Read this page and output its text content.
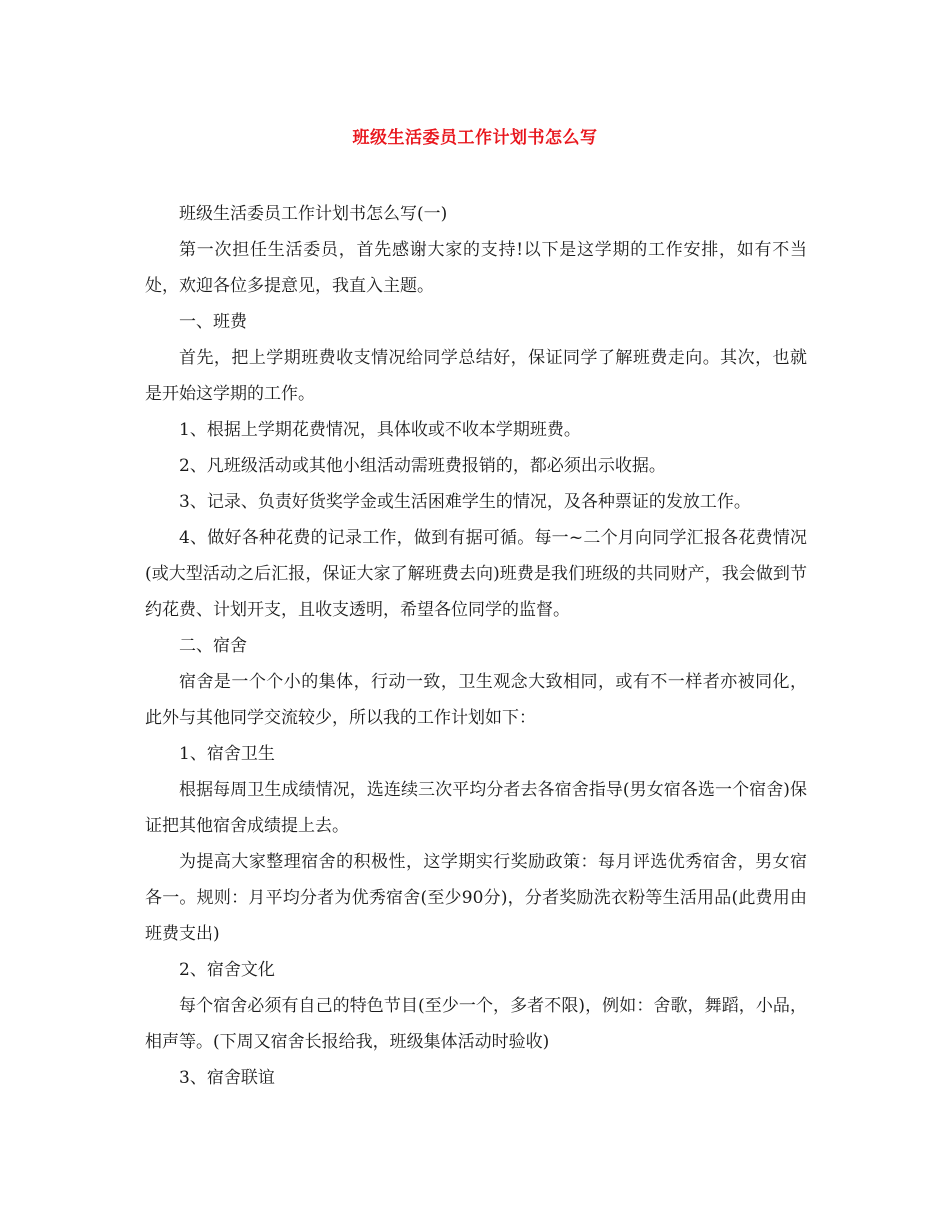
班级生活委员工作计划书怎么写

班级生活委员工作计划书怎么写(一)

第一次担任生活委员，首先感谢大家的支持!以下是这学期的工作安排，如有不当处，欢迎各位多提意见，我直入主题。

一、班费

首先，把上学期班费收支情况给同学总结好，保证同学了解班费走向。其次，也就是开始这学期的工作。

1、根据上学期花费情况，具体收或不收本学期班费。

2、凡班级活动或其他小组活动需班费报销的，都必须出示收据。

3、记录、负责好货奖学金或生活困难学生的情况，及各种票证的发放工作。

4、做好各种花费的记录工作，做到有据可循。每一~二个月向同学汇报各花费情况(或大型活动之后汇报，保证大家了解班费去向)班费是我们班级的共同财产，我会做到节约花费、计划开支，且收支透明，希望各位同学的监督。

二、宿舍

宿舍是一个个小的集体，行动一致，卫生观念大致相同，或有不一样者亦被同化，此外与其他同学交流较少，所以我的工作计划如下：

1、宿舍卫生

根据每周卫生成绩情况，选连续三次平均分者去各宿舍指导(男女宿各选一个宿舍)保证把其他宿舍成绩提上去。

为提高大家整理宿舍的积极性，这学期实行奖励政策：每月评选优秀宿舍，男女宿各一。规则：月平均分者为优秀宿舍(至少90分)，分者奖励洗衣粉等生活用品(此费用由班费支出)

2、宿舍文化

每个宿舍必须有自己的特色节目(至少一个，多者不限)，例如：舍歌，舞蹈，小品，相声等。(下周又宿舍长报给我，班级集体活动时验收)

3、宿舍联谊
